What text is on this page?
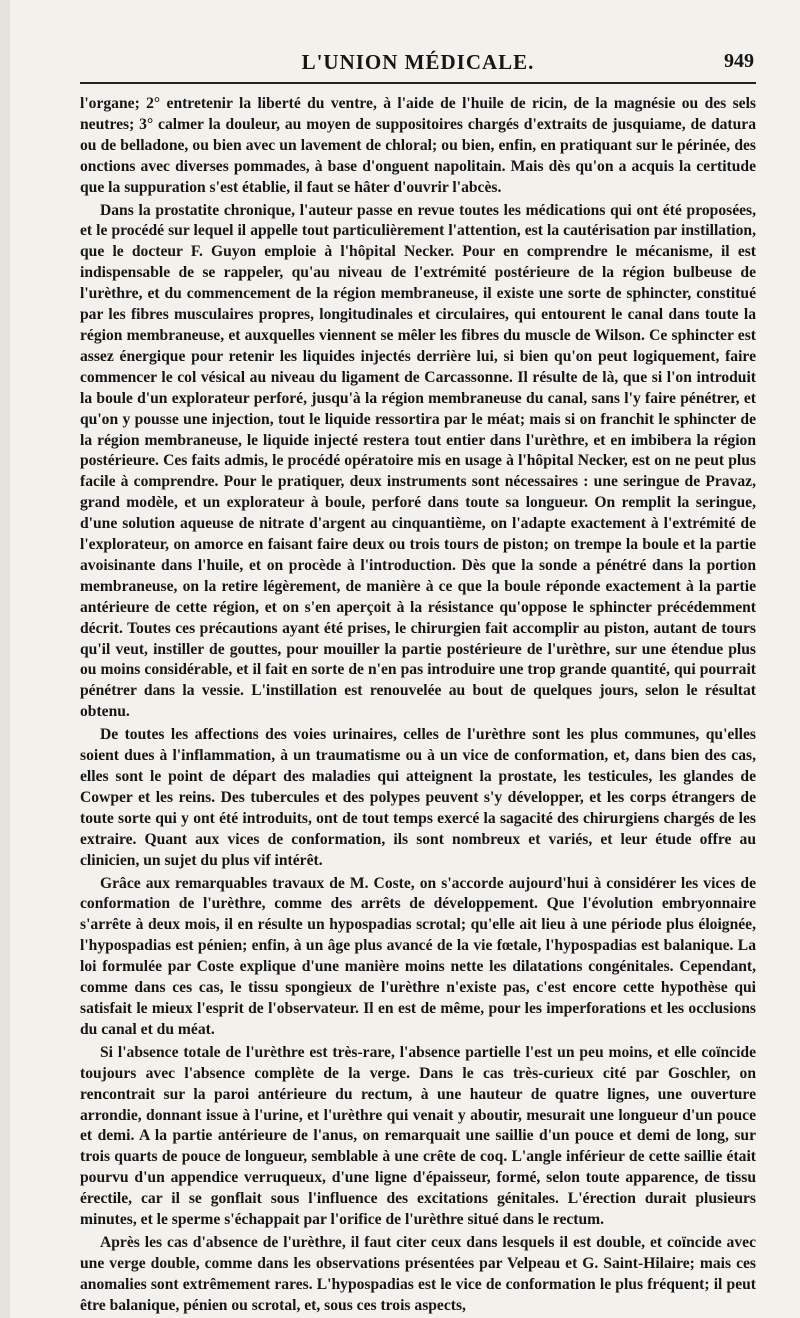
L'UNION MÉDICALE.	949

l'organe; 2° entretenir la liberté du ventre, à l'aide de l'huile de ricin, de la magnésie ou des sels neutres; 3° calmer la douleur, au moyen de suppositoires chargés d'extraits de jusquiame, de datura ou de belladone, ou bien avec un lavement de chloral; ou bien, enfin, en pratiquant sur le périnée, des onctions avec diverses pommades, à base d'onguent napolitain. Mais dès qu'on a acquis la certitude que la suppuration s'est établie, il faut se hâter d'ouvrir l'abcès.

Dans la prostatite chronique, l'auteur passe en revue toutes les médications qui ont été proposées, et le procédé sur lequel il appelle tout particulièrement l'attention, est la cautérisation par instillation, que le docteur F. Guyon emploie à l'hôpital Necker. Pour en comprendre le mécanisme, il est indispensable de se rappeler, qu'au niveau de l'extrémité postérieure de la région bulbeuse de l'urèthre, et du commencement de la région membraneuse, il existe une sorte de sphincter, constitué par les fibres musculaires propres, longitudinales et circulaires, qui entourent le canal dans toute la région membraneuse, et auxquelles viennent se mêler les fibres du muscle de Wilson. Ce sphincter est assez énergique pour retenir les liquides injectés derrière lui, si bien qu'on peut logiquement, faire commencer le col vésical au niveau du ligament de Carcassonne. Il résulte de là, que si l'on introduit la boule d'un explorateur perforé, jusqu'à la région membraneuse du canal, sans l'y faire pénétrer, et qu'on y pousse une injection, tout le liquide ressortira par le méat; mais si on franchit le sphincter de la région membraneuse, le liquide injecté restera tout entier dans l'urèthre, et en imbibera la région postérieure. Ces faits admis, le procédé opératoire mis en usage à l'hôpital Necker, est on ne peut plus facile à comprendre. Pour le pratiquer, deux instruments sont nécessaires : une seringue de Pravaz, grand modèle, et un explorateur à boule, perforé dans toute sa longueur. On remplit la seringue, d'une solution aqueuse de nitrate d'argent au cinquantième, on l'adapte exactement à l'extrémité de l'explorateur, on amorce en faisant faire deux ou trois tours de piston; on trempe la boule et la partie avoisinante dans l'huile, et on procède à l'introduction. Dès que la sonde a pénétré dans la portion membraneuse, on la retire légèrement, de manière à ce que la boule réponde exactement à la partie antérieure de cette région, et on s'en aperçoit à la résistance qu'oppose le sphincter précédemment décrit. Toutes ces précautions ayant été prises, le chirurgien fait accomplir au piston, autant de tours qu'il veut, instiller de gouttes, pour mouiller la partie postérieure de l'urèthre, sur une étendue plus ou moins considérable, et il fait en sorte de n'en pas introduire une trop grande quantité, qui pourrait pénétrer dans la vessie. L'instillation est renouvelée au bout de quelques jours, selon le résultat obtenu.

De toutes les affections des voies urinaires, celles de l'urèthre sont les plus communes, qu'elles soient dues à l'inflammation, à un traumatisme ou à un vice de conformation, et, dans bien des cas, elles sont le point de départ des maladies qui atteignent la prostate, les testicules, les glandes de Cowper et les reins. Des tubercules et des polypes peuvent s'y développer, et les corps étrangers de toute sorte qui y ont été introduits, ont de tout temps exercé la sagacité des chirurgiens chargés de les extraire. Quant aux vices de conformation, ils sont nombreux et variés, et leur étude offre au clinicien, un sujet du plus vif intérêt.

Grâce aux remarquables travaux de M. Coste, on s'accorde aujourd'hui à considérer les vices de conformation de l'urèthre, comme des arrêts de développement. Que l'évolution embryonnaire s'arrête à deux mois, il en résulte un hypospadias scrotal; qu'elle ait lieu à une période plus éloignée, l'hypospadias est pénien; enfin, à un âge plus avancé de la vie fœtale, l'hypospadias est balanique. La loi formulée par Coste explique d'une manière moins nette les dilatations congénitales. Cependant, comme dans ces cas, le tissu spongieux de l'urèthre n'existe pas, c'est encore cette hypothèse qui satisfait le mieux l'esprit de l'observateur. Il en est de même, pour les imperforations et les occlusions du canal et du méat.

Si l'absence totale de l'urèthre est très-rare, l'absence partielle l'est un peu moins, et elle coïncide toujours avec l'absence complète de la verge. Dans le cas très-curieux cité par Goschler, on rencontrait sur la paroi antérieure du rectum, à une hauteur de quatre lignes, une ouverture arrondie, donnant issue à l'urine, et l'urèthre qui venait y aboutir, mesurait une longueur d'un pouce et demi. A la partie antérieure de l'anus, on remarquait une saillie d'un pouce et demi de long, sur trois quarts de pouce de longueur, semblable à une crête de coq. L'angle inférieur de cette saillie était pourvu d'un appendice verruqueux, d'une ligne d'épaisseur, formé, selon toute apparence, de tissu érectile, car il se gonflait sous l'influence des excitations génitales. L'érection durait plusieurs minutes, et le sperme s'échappait par l'orifice de l'urèthre situé dans le rectum.

Après les cas d'absence de l'urèthre, il faut citer ceux dans lesquels il est double, et coïncide avec une verge double, comme dans les observations présentées par Velpeau et G. Saint-Hilaire; mais ces anomalies sont extrêmement rares. L'hypospadias est le vice de conformation le plus fréquent; il peut être balanique, pénien ou scrotal, et, sous ces trois aspects,
